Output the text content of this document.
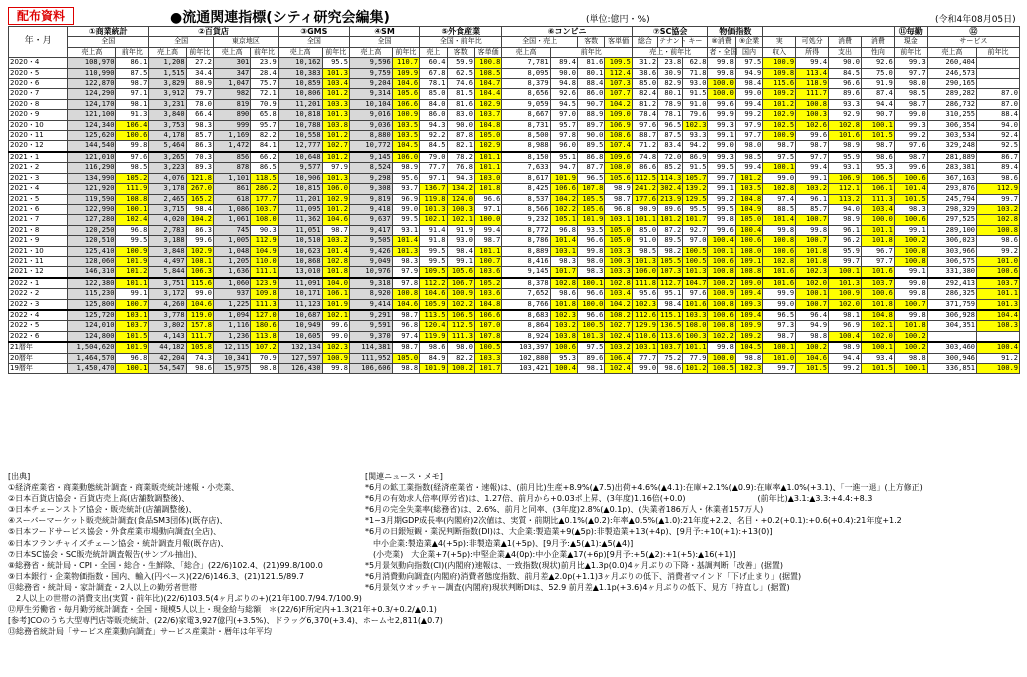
配布資料	●流通関連指標(シティ研究会編集)	(単位:億円・%)	(令和4年08月05日)
年・月	①商業統計		②百貨店				③GMS		④SM		⑤外食産業			⑥コンビニ				⑦SC協会			物価指数						⑪毎勤	⑫	
	全国		全国		東京地区		全国		全国		全国・前年比			全国・売上		客数	客単価	総合	テナント	キー	⑧消費	⑨企業	実	可処分	消費	消費	現金	サービス	
	売上高	前年比	売上高	前年比	売上高	前年比	売上高	前年比	売上高	前年比	売上	客数	客単価	売上高	前年比			売上・前年比			者・全国	国内	収入	所得	支出	性向	前年比	売上高	前年比
2020・4	108,970	86.1	1,208	27.2	301	23.9	10,162	95.5	9,596	110.7	60.4	59.9	100.8	7,781	89.4	81.6	109.5	31.2	23.8	62.8	99.8	97.5	100.9	99.4	90.0	92.6	99.3	260,404	
2020・5	110,990	87.5	1,515	34.4	347	28.4	10,383	101.3	9,759	109.9	67.8	62.5	108.5	8,095	90.0	80.1	112.4	38.6	30.9	71.8	99.8	94.9	109.8	113.4	84.5	75.0	97.7	246,573	
2020・6	122,870	98.7	3,829	80.9	1,047	75.7	10,859	103.4	9,204	104.6	78.1	74.6	104.7	8,379	94.8	88.4	107.3	85.0	82.9	93.0	100.0	98.4	115.6	118.9	96.6	91.9	98.0	290,165	
2020・7	124,290	97.1	3,912	79.7	982	72.1	10,806	101.2	9,314	105.6	85.0	81.5	104.4	8,656	92.6	86.0	107.7	82.4	80.1	91.5	100.0	99.0	109.2	111.7	89.6	87.4	98.5	289,282	87.0
2020・8	124,170	98.1	3,231	78.0	819	70.9	11,201	103.3	10,104	106.6	84.0	81.6	102.9	9,059	94.5	90.7	104.2	81.2	78.9	91.0	99.6	99.4	101.2	100.8	93.3	94.4	98.7	286,732	87.0
2020・9	121,100	91.3	3,840	66.4	890	65.8	10,818	101.3	9,016	100.9	86.0	83.0	103.7	8,667	97.0	88.9	109.0	78.4	78.1	79.6	99.9	99.2	102.9	100.3	92.9	90.7	99.0	310,255	88.4
2020・10	124,340	106.4	3,753	98.3	999	95.7	10,788	103.8	9,036	103.5	94.3	90.0	104.8	8,731	95.7	89.7	106.9	97.6	96.5	102.3	99.3	97.9	102.5	102.6	102.8	100.1	99.3	306,354	94.0
2020・11	125,620	100.6	4,178	85.7	1,169	82.2	10,558	101.2	8,880	103.5	92.2	87.8	105.0	8,500	97.8	90.0	108.6	88.7	87.5	93.3	99.1	97.7	100.9	99.6	101.6	101.5	99.2	303,534	92.4
2020・12	144,540	99.8	5,464	86.3	1,472	84.1	12,777	102.7	10,772	104.5	84.5	82.1	102.9	8,988	96.0	89.5	107.4	71.2	83.4	94.2	99.0	98.0	98.7	98.7	98.9	98.7	97.6	329,248	92.5
2021・1	121,010	97.6	3,265	70.3	856	66.2	10,648	101.2	9,145	106.0	79.0	78.2	101.1	8,150	95.1	86.8	109.6	74.8	72.0	86.9	99.3	98.5	97.5	97.7	95.9	98.6	98.7	281,889	86.7
2021・2	116,290	98.5	3,223	89.3	878	86.5	9,577	97.9	8,524	98.9	77.7	76.8	101.1	7,633	94.7	87.7	108.0	86.6	85.2	91.5	99.5	99.4	100.1	99.4	93.1	95.3	99.6	283,381	89.4
2021・3	134,990	105.2	4,076	121.8	1,101	118.5	10,906	101.3	9,298	95.6	97.1	94.3	103.0	8,617	101.9	96.5	105.6	112.5	114.3	105.7	99.7	101.2	99.0	99.1	106.9	106.5	100.6	367,163	98.6
2021・4	121,920	111.9	3,178	267.0	861	286.2	10,815	106.0	9,308	93.7	136.7	134.2	101.8	8,425	106.6	107.8	98.9	241.2	302.4	139.2	99.1	103.5	102.8	103.2	112.1	106.1	101.4	293,876	112.9
2021・5	119,590	108.8	2,465	165.2	618	177.7	11,201	102.9	9,819	96.9	119.8	124.0	96.6	8,537	104.2	105.5	98.7	177.6	213.9	129.5	99.2	104.8	97.4	96.1	113.2	111.3	101.5	245,794	99.7
2021・6	122,990	100.1	3,715	98.4	1,086	103.7	11,095	101.2	9,418	99.0	101.3	100.3	97.1	8,566	102.2	105.6	96.8	90.9	89.6	95.5	99.5	104.9	88.5	85.7	94.0	103.4	98.3	298,329	103.2
2021・7	127,280	102.4	4,020	104.2	1,061	108.0	11,362	104.6	9,637	99.5	102.1	102.1	100.0	9,232	105.1	101.9	103.1	101.1	101.2	101.7	99.8	105.0	101.4	100.7	98.9	100.0	100.6	297,525	102.8
2021・8	120,250	96.8	2,783	86.3	745	90.3	11,051	98.7	9,417	93.1	91.4	91.9	99.4	8,772	96.8	93.5	105.0	85.0	87.2	92.7	99.6	100.4	99.8	99.8	96.1	101.1	99.1	289,100	100.8
2021・9	120,510	99.5	3,188	99.6	1,005	112.9	10,510	103.2	9,505	101.4	91.8	93.0	98.7	8,786	101.4	96.6	105.0	91.0	89.5	97.0	100.4	100.6	100.8	100.7	96.2	101.8	100.2	306,023	98.6
2021・10	125,410	100.9	3,848	102.9	1,048	104.9	10,623	101.4	9,426	101.3	99.5	98.4	101.1	8,889	103.1	99.8	103.3	98.5	98.2	100.5	100.1	108.0	100.6	101.8	95.9	96.7	100.8	303,966	99.2
2021・11	128,060	101.9	4,497	108.1	1,205	110.0	10,868	102.8	9,049	98.3	99.5	99.1	100.7	8,416	98.3	98.0	100.3	101.3	105.5	100.5	100.6	109.1	102.8	101.8	99.7	97.7	100.8	306,575	101.0
2021・12	146,310	101.2	5,844	106.3	1,636	111.1	13,010	101.8	10,976	97.9	109.5	105.6	103.6	9,145	101.7	98.3	103.3	106.0	107.3	101.3	100.8	108.8	101.6	102.3	100.1	101.6	99.1	331,380	100.6
2022・1	122,380	101.1	3,751	115.6	1,060	123.9	11,091	104.0	9,318	97.8	112.2	106.7	105.2	8,378	102.8	100.1	102.8	111.8	112.7	104.7	100.2	109.0	101.6	102.0	101.3	103.7	99.0	292,413	103.7
2022・2	115,230	99.1	3,172	99.0	937	109.8	10,171	106.1	8,920	100.8	104.6	100.9	103.6	7,652	98.6	96.6	103.4	95.6	95.1	97.6	100.9	109.4	99.9	100.1	100.9	100.6	99.8	286,325	101.1
2022・3	125,800	100.7	4,260	104.6	1,225	111.3	11,123	101.9	9,414	104.6	105.9	102.2	104.8	8,766	101.8	100.0	104.2	102.3	98.4	101.6	100.8	109.3	99.0	100.7	102.0	101.8	100.7	371,759	101.3
2022・4	125,720	103.1	3,778	119.0	1,094	127.0	10,687	102.1	9,291	98.7	113.5	106.5	106.6	8,683	102.3	96.6	108.2	112.6	115.1	103.3	100.6	109.4	96.5	96.4	98.1	104.8	99.8	306,928	104.4
2022・5	124,010	103.7	3,802	157.8	1,116	180.6	10,949	99.6	9,591	96.8	120.4	112.5	107.0	8,864	103.2	100.5	102.7	129.9	136.5	108.0	100.8	109.9	97.3	94.9	96.9	102.1	101.8	304,351	108.3
2022・6	124,800	101.5	4,143	111.7	1,236	113.8	10,605	99.0	9,370	97.4	119.9	111.3	107.8	8,924	103.8	101.3	102.4	110.6	113.6	100.3	102.2	109.2	98.7	98.8	100.4	102.0	100.2		
21暦年	1,504,620	101.9	44,182	105.8	12,115	107.2	132,134	102.3	114,381	98.7	98.6	98.0	100.5	103,397	100.6	97.5	103.2	103.1	103.7	101.1	99.8	104.5	100.1	100.2	98.9	100.1	100.2	303,460	100.4
20暦年	1,464,570	96.8	42,204	74.3	10,341	70.9	127,597	100.9	111,952	105.0	84.9	82.2	103.3	102,880	95.3	89.6	106.4	77.7	75.2	77.9	100.0	98.8	101.0	104.6	94.4	93.4	98.8	300,946	91.2
19暦年	1,450,470	100.1	54,547	98.6	15,975	98.8	126,430	99.8	106,606	98.8	101.9	100.2	101.7	103,421	100.4	98.1	102.4	99.0	98.6	101.2	100.5	102.3	99.7	101.5	99.2	101.5	100.1	336,851	100.9
[出典]
①経済産業省・商業動態統計調査・商業販売統計速報・小売業、
②日本百貨店協会・百貨店売上高(店舗数調整後)、
③日本チェーンストア協会・販売統計(店舗調整後)、
④スーパーマーケット販売統計調査(食品SM3団体)(既存店)、
⑤日本フードサービス協会・外食産業市場動向調査(全店)、
⑥日本フランチャイズチェーン協会・統計調査月報(既存店)、
⑦日本SC協会・SC販売統計調査報告(サンプル抽出)、
⑧総務省・統計局・CPI・全国・総合・生鮮除、「総合」(22/6)102.4、(21)99.8/100.0
⑨日本銀行・企業物価指数・国内、輸入(円ベース)(22/6)146.3、(21)121.5/89.7
⑪総務省・統計局・家計調査・2人以上の勤労者世帯
　2人以上の世帯の消費支出(実質・前年比)(22/6)103.5(4ヶ月ぶりの+)(21年100.7/94.7/100.9)
⑫厚生労働省・毎月勤労統計調査・全国・規模5人以上・現金給与総額　＊(22/6)F所定内+1.3(21年+0.3/+0.2/▲0.1)
[参考]COのうち大型専門店等販売統計、(22/6)家電3,927億円(+3.5%)、ドラッグ6,370(+3.4)、ホームセ2,811(▲0.7)
⑬総務省統計局「サービス産業動向調査」サービス産業計・暦年は年平均
[関連ニュース・メモ]
*6月の鉱工業指数(経済産業省・速報)は、(前月比)生産+8.9%(▲7.5)出荷+4.6%(▲4.1):在庫+2.1%(▲0.9):在庫率▲1.0%(+3.1)、「一進一退」(上方修正)
*6月の有効求人倍率(厚労省)は、1.27倍、前月から+0.03ポ上昇、(3年度)1.16倍(+0.0)　　　　　　　　　(前年比)▲3.1:▲3.3:+4.4:+8.3
*6月の完全失業率(総務省)は、2.6%、前月と同率、(3年度)2.8%(▲0.1p)、(失業者186万人・休業者157万人)
*1~3月期GDP成長率(内閣府)2次値は、実質・前期比▲0.1%(▲0.2):年率▲0.5%(▲1.0):21年度+2.2、名目・+0.2(+0.1):+0.6(+0.4):21年度+1.2
*6月の日銀短観・業況判断指数(DI)は、大企業:製造業+9(▲5p):非製造業+13(+4p)、[9月予:+10(+1):+13(0)]
　中小企業:製造業▲4(+5p):非製造業▲1(+5p)、[9月予:▲5(▲1):▲5(▲4)]
　(小売業)　大企業+7(+5p):中堅企業▲4(0p):中小企業▲17(+6p)[9月予:+5(▲2):+1(+5):▲16(+1)]
*5月景気動向指数(CI)(内閣府)速報は、一致指数(現状)前月比▲1.3p(0.0)4ヶ月ぶりの下降・基調判断「改善」(据置)
*6月消費動向調査(内閣府)消費者態度指数、前月差▲2.0p(+1.1)3ヶ月ぶりの低下、消費者マインド「下げ止まり」(据置)
*6月景気ウオッチャー調査(内閣府)現状判断DIは、52.9 前月差▲1.1p(+3.6)4ヶ月ぶりの低下、見方「持直し」(据置)
